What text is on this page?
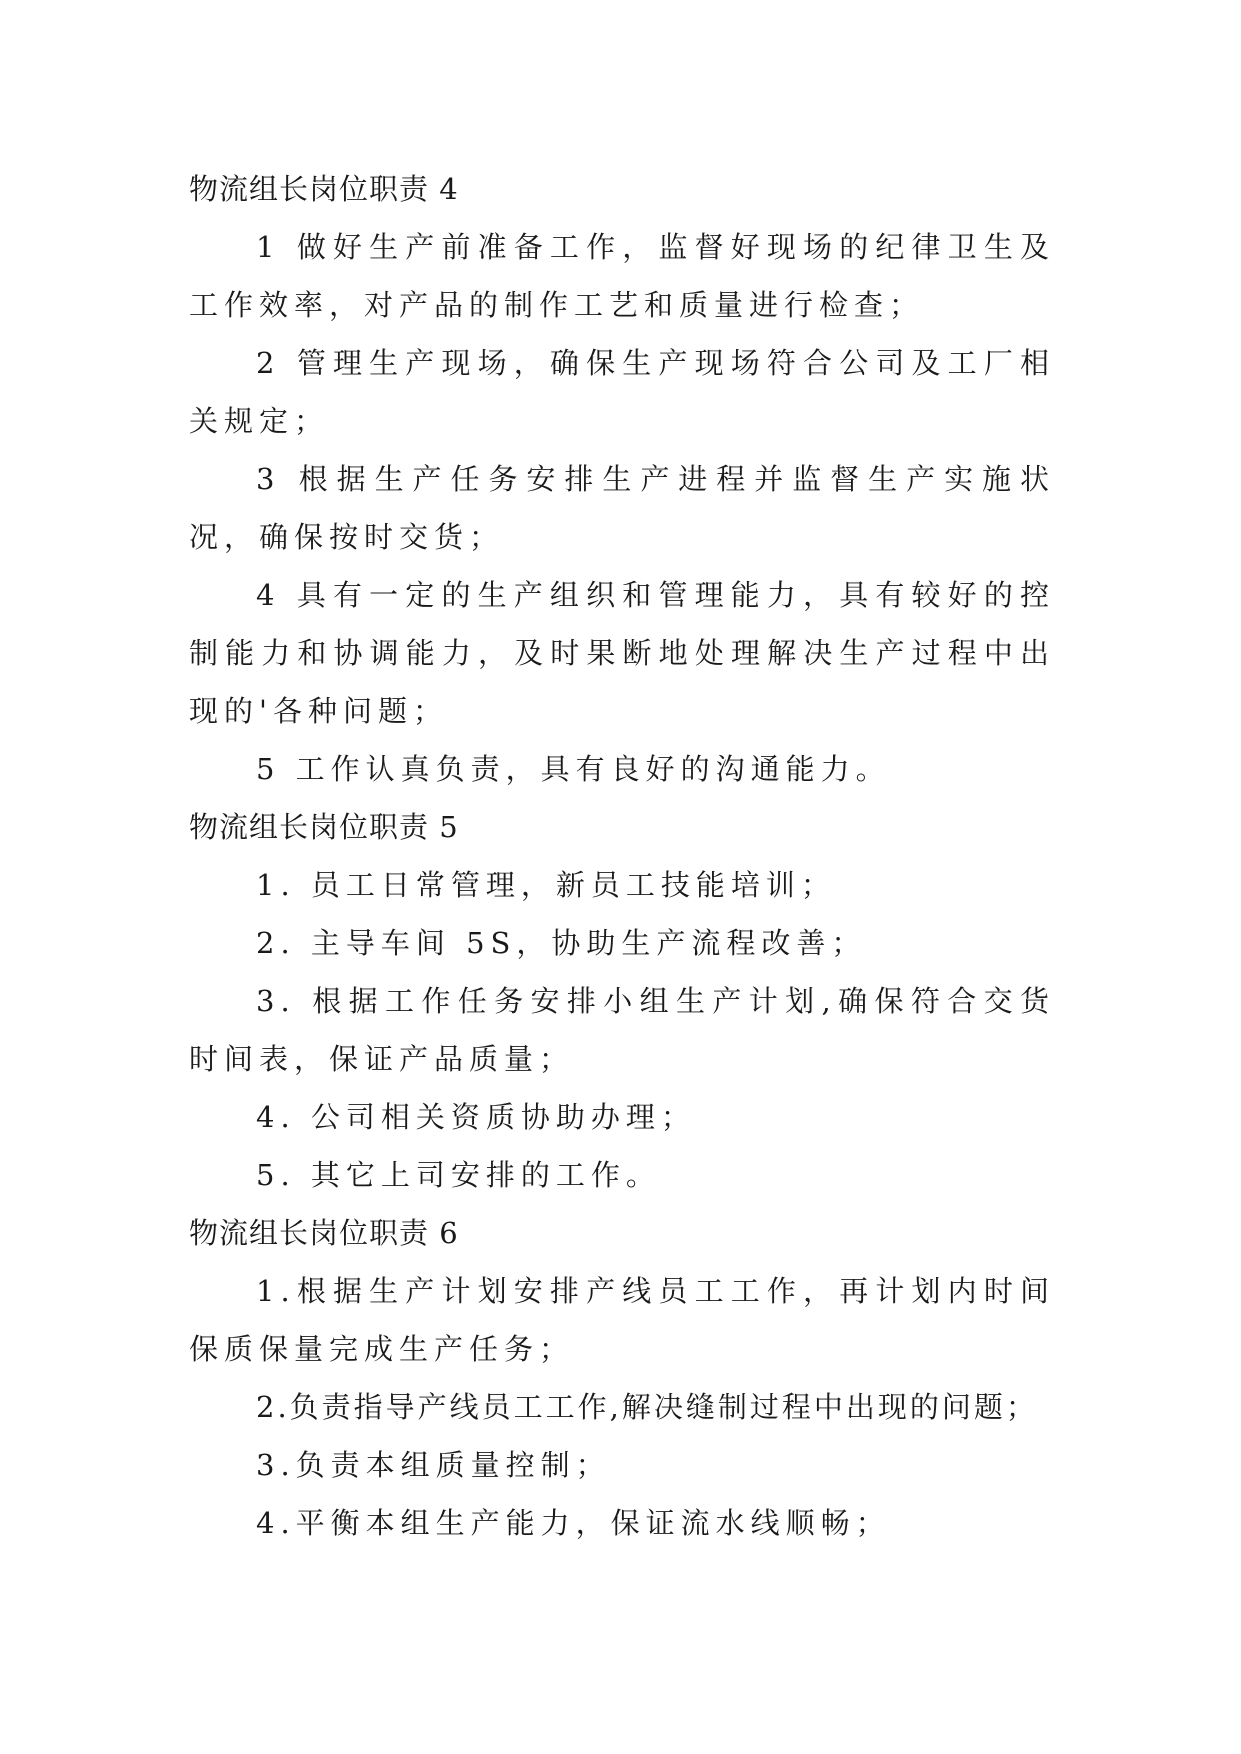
物流组长岗位职责 4

1 做好生产前准备工作，监督好现场的纪律卫生及工作效率，对产品的制作工艺和质量进行检查；

2 管理生产现场，确保生产现场符合公司及工厂相关规定；

3 根据生产任务安排生产进程并监督生产实施状况，确保按时交货；

4 具有一定的生产组织和管理能力，具有较好的控制能力和协调能力，及时果断地处理解决生产过程中出现的'各种问题；

5 工作认真负责，具有良好的沟通能力。

物流组长岗位职责 5

1. 员工日常管理，新员工技能培训；

2. 主导车间 5S，协助生产流程改善；

3. 根据工作任务安排小组生产计划,确保符合交货时间表，保证产品质量；

4. 公司相关资质协助办理；

5. 其它上司安排的工作。

物流组长岗位职责 6

1.根据生产计划安排产线员工工作，再计划内时间保质保量完成生产任务；

2.负责指导产线员工工作,解决缝制过程中出现的问题；

3.负责本组质量控制；

4.平衡本组生产能力，保证流水线顺畅；
